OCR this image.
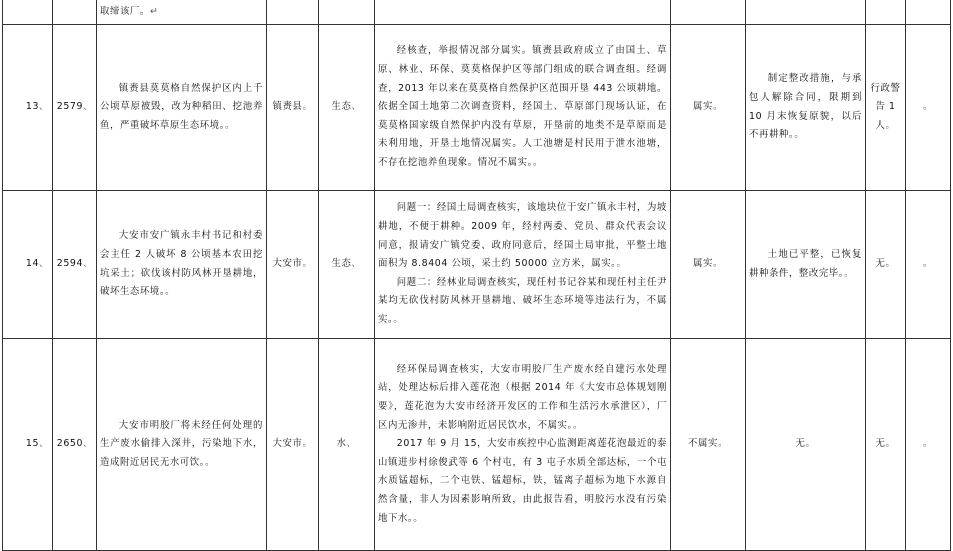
		取缔该厂。↵							
13、	2579、	镇赉县莫莫格自然保护区内上千公顷草原被毁，改为种稻田、挖池养鱼，严重破坏草原生态环境。。	镇赉县。	生态、	经核查，举报情况部分属实。镇赉县政府成立了由国土、草原、林业、环保、莫莫格保护区等部门组成的联合调查组。经调查，2013 年以来在莫莫格自然保护区范围开垦 443 公顷耕地。依据全国土地第二次调查资料，经国土、草原部门现场认证，在莫莫格国家级自然保护内没有草原，开垦前的地类不是草原而是未利用地，开垦土地情况属实。人工池塘是村民用于泄水池塘，不存在挖池养鱼现象。情况不属实。。	属实。	制定整改措施，与承包人解除合同，限期到 10 月末恢复原貌，以后不再耕种。。	行政警告 1 人。	。
14、	2594、	大安市安广镇永丰村书记和村委会主任 2 人破坏 8 公顷基本农田挖坑采土；砍伐该村防风林开垦耕地，破坏生态环境。。	大安市。	生态、	问题一：经国土局调查核实，该地块位于安广镇永丰村，为坡耕地，不便于耕种。2009 年，经村两委、党员、群众代表会议同意，报请安广镇党委、政府同意后，经国土局审批，平整土地面积为 8.8404 公顷，采土约 50000 立方米，属实。。

问题二：经林业局调查核实，现任村书记谷某和现任村主任尹某均无砍伐村防风林开垦耕地、破坏生态环境等违法行为，不属实。。	属实。	土地已平整，已恢复耕种条件，整改完毕。。	无。	。
15、	2650、	大安市明胶厂将未经任何处理的生产废水偷排入深井，污染地下水，造成附近居民无水可饮。。	大安市。	水、	经环保局调查核实，大安市明胶厂生产废水经自建污水处理站，处理达标后排入莲花泡（根据 2014 年《大安市总体规划刚要》，莲花泡为大安市经济开发区的工作和生活污水承泄区），厂区内无渗井，未影响附近居民饮水，不属实。。

2017 年 9 月 15，大安市疾控中心监测距离莲花泡最近的泰山镇进步村徐俊武等 6 个村屯，有 3 屯子水质全部达标，一个屯水质锰超标，二个屯铁、锰超标，铁，锰离子超标为地下水源自然含量，非人为因素影响所致，由此报告看，明胶污水没有污染地下水。。	不属实。	无。	无。	。
